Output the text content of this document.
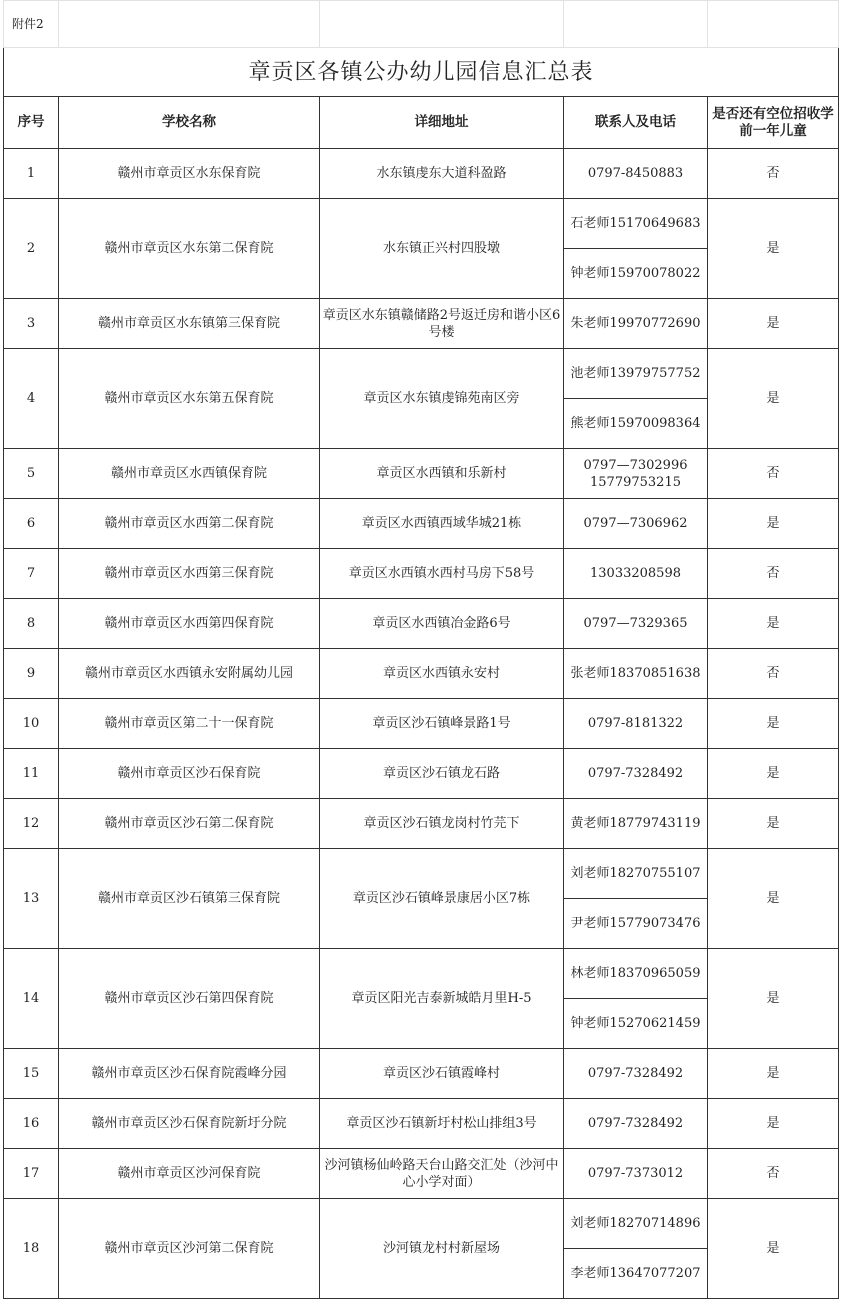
附件2				
章贡区各镇公办幼儿园信息汇总表				
序号	学校名称	详细地址	联系人及电话	是否还有空位招收学前一年儿童
1	赣州市章贡区水东保育院	水东镇虔东大道科盈路	0797-8450883	否
2	赣州市章贡区水东第二保育院	水东镇正兴村四股墩	石老师15170649683	是
			钟老师15970078022	
3	赣州市章贡区水东镇第三保育院	章贡区水东镇赣储路2号返迁房和谐小区6号楼	朱老师19970772690	是
4	赣州市章贡区水东第五保育院	章贡区水东镇虔锦苑南区旁	池老师13979757752	是
			熊老师15970098364	
5	赣州市章贡区水西镇保育院	章贡区水西镇和乐新村	0797—7302996
15779753215	否
6	赣州市章贡区水西第二保育院	章贡区水西镇西域华城21栋	0797—7306962	是
7	赣州市章贡区水西第三保育院	章贡区水西镇水西村马房下58号	13033208598	否
8	赣州市章贡区水西第四保育院	章贡区水西镇冶金路6号	0797—7329365	是
9	赣州市章贡区水西镇永安附属幼儿园	章贡区水西镇永安村	张老师18370851638	否
10	赣州市章贡区第二十一保育院	章贡区沙石镇峰景路1号	0797-8181322	是
11	赣州市章贡区沙石保育院	章贡区沙石镇龙石路	0797-7328492	是
12	赣州市章贡区沙石第二保育院	章贡区沙石镇龙岗村竹芫下	黄老师18779743119	是
13	赣州市章贡区沙石镇第三保育院	章贡区沙石镇峰景康居小区7栋	刘老师18270755107	是
			尹老师15779073476	
14	赣州市章贡区沙石第四保育院	章贡区阳光吉泰新城皓月里H-5	林老师18370965059	是
			钟老师15270621459	
15	赣州市章贡区沙石保育院霞峰分园	章贡区沙石镇霞峰村	0797-7328492	是
16	赣州市章贡区沙石保育院新圩分院	章贡区沙石镇新圩村松山排组3号	0797-7328492	是
17	赣州市章贡区沙河保育院	沙河镇杨仙岭路天台山路交汇处（沙河中心小学对面）	0797-7373012	否
18	赣州市章贡区沙河第二保育院	沙河镇龙村村新屋场	刘老师18270714896	是
			李老师13647077207	
